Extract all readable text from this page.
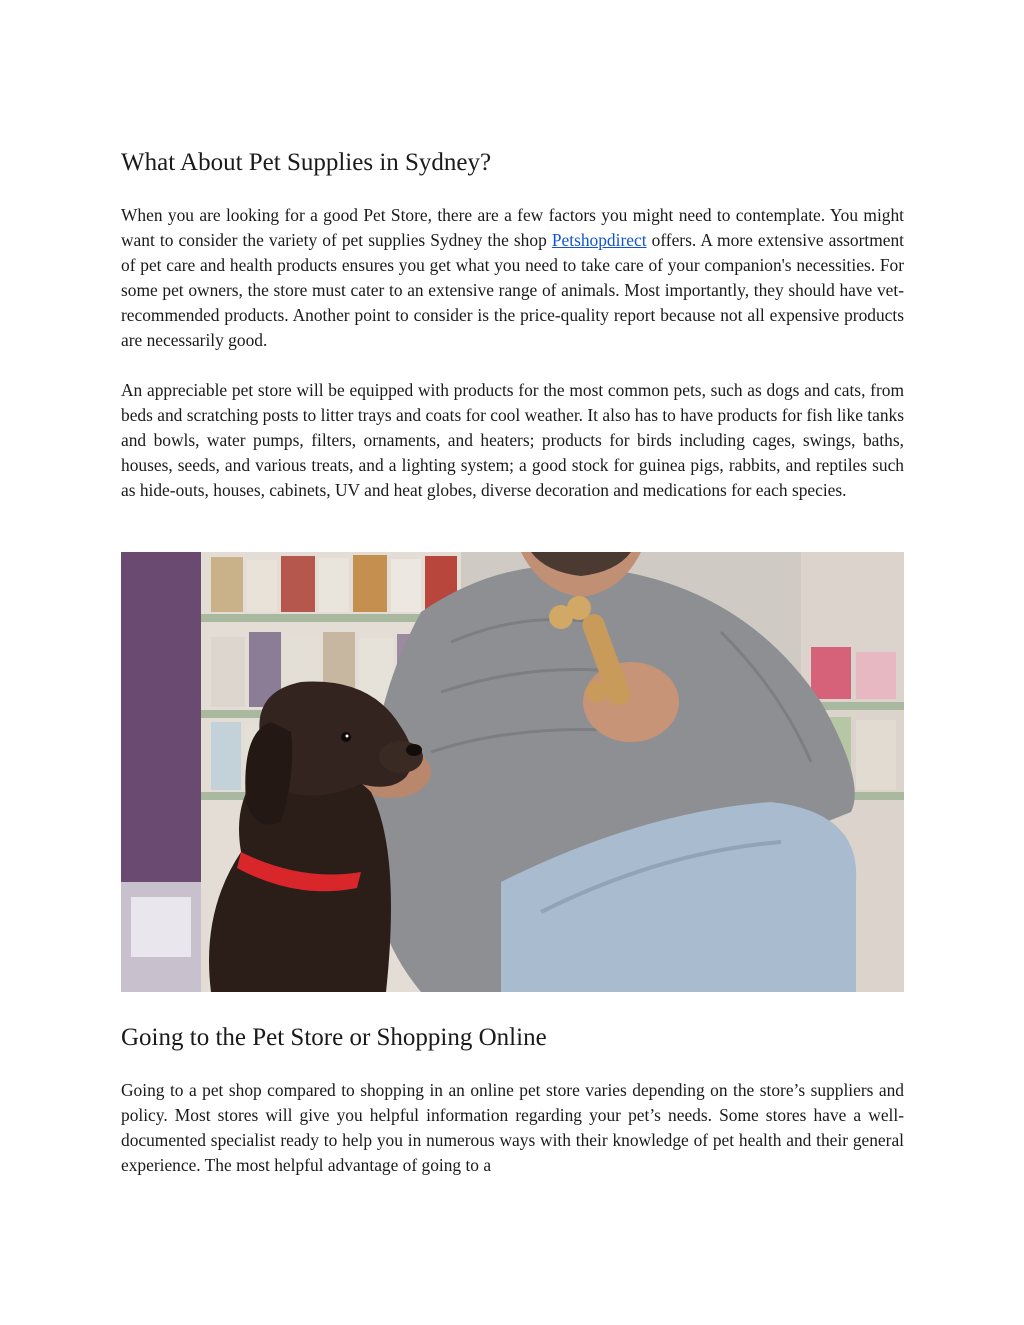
What About Pet Supplies in Sydney?

When you are looking for a good Pet Store, there are a few factors you might need to contemplate. You might want to consider the variety of pet supplies Sydney the shop Petshopdirect offers. A more extensive assortment of pet care and health products ensures you get what you need to take care of your companion's necessities. For some pet owners, the store must cater to an extensive range of animals. Most importantly, they should have vet-recommended products. Another point to consider is the price-quality report because not all expensive products are necessarily good.

An appreciable pet store will be equipped with products for the most common pets, such as dogs and cats, from beds and scratching posts to litter trays and coats for cool weather. It also has to have products for fish like tanks and bowls, water pumps, filters, ornaments, and heaters; products for birds including cages, swings, baths, houses, seeds, and various treats, and a lighting system; a good stock for guinea pigs, rabbits, and reptiles such as hide-outs, houses, cabinets, UV and heat globes, diverse decoration and medications for each species.

Going to the Pet Store or Shopping Online

Going to a pet shop compared to shopping in an online pet store varies depending on the store’s suppliers and policy. Most stores will give you helpful information regarding your pet’s needs. Some stores have a well-documented specialist ready to help you in numerous ways with their knowledge of pet health and their general experience. The most helpful advantage of going to a
